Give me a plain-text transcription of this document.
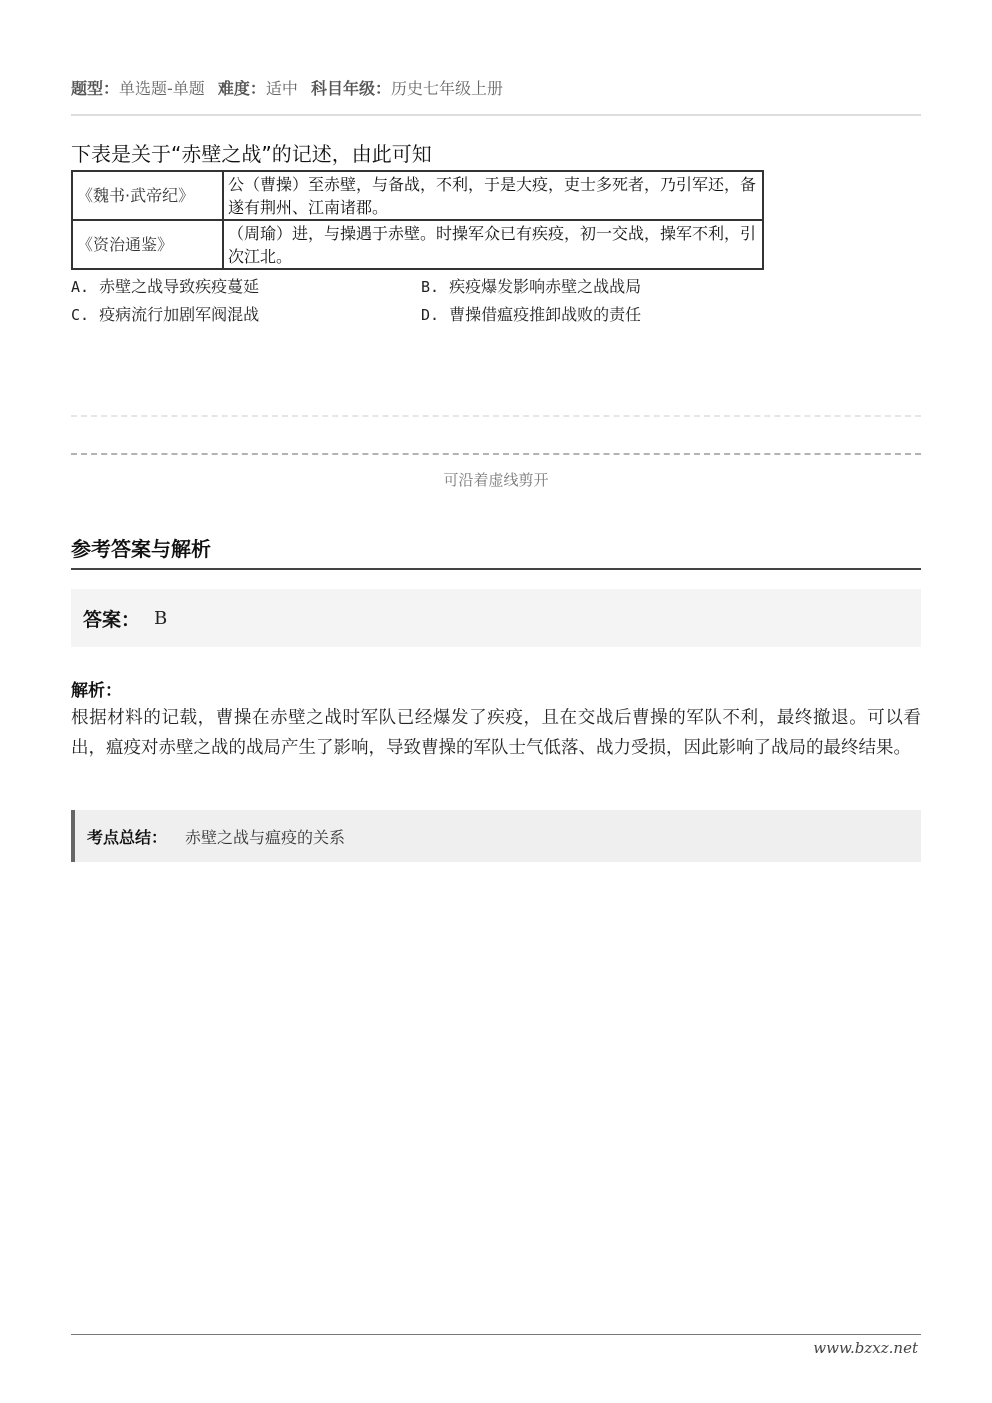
题型：单选题-单题 难度：适中 科目年级：历史七年级上册
下表是关于“赤壁之战”的记述，由此可知
《魏书·武帝纪》	公（曹操）至赤壁，与备战，不利，于是大疫，吏士多死者，乃引军还，备遂有荆州、江南诸郡。
《资治通鉴》	（周瑜）进，与操遇于赤壁。时操军众已有疾疫，初一交战，操军不利，引次江北。
A. 赤壁之战导致疾疫蔓延	B. 疾疫爆发影响赤壁之战战局
C. 疫病流行加剧军阀混战	D. 曹操借瘟疫推卸战败的责任
可沿着虚线剪开
参考答案与解析
答案： B
解析：
根据材料的记载，曹操在赤壁之战时军队已经爆发了疾疫，且在交战后曹操的军队不利，最终撤退。可以看出，瘟疫对赤壁之战的战局产生了影响，导致曹操的军队士气低落、战力受损，因此影响了战局的最终结果。
考点总结： 赤壁之战与瘟疫的关系
www.bzxz.net
